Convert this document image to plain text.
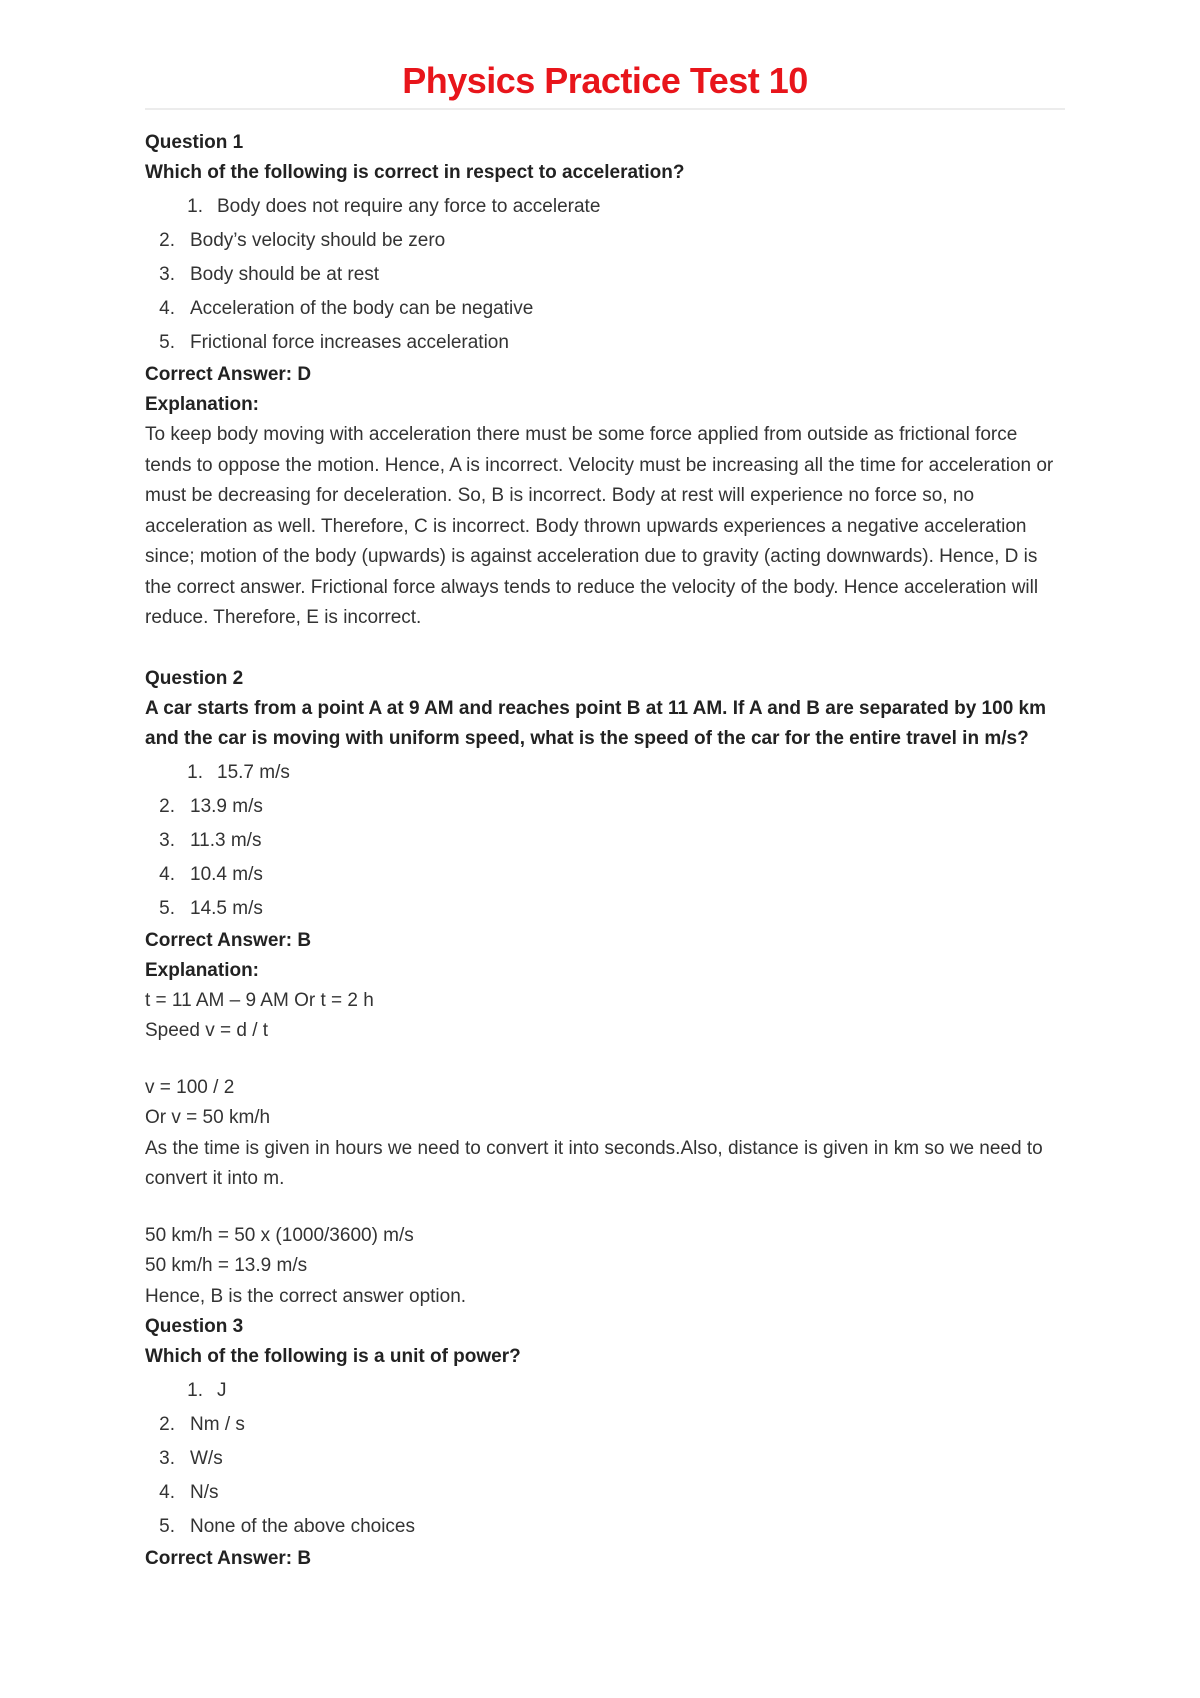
Physics Practice Test 10

Question 1

Which of the following is correct in respect to acceleration?

1. Body does not require any force to accelerate
2. Body’s velocity should be zero
3. Body should be at rest
4. Acceleration of the body can be negative
5. Frictional force increases acceleration

Correct Answer: D

Explanation:

To keep body moving with acceleration there must be some force applied from outside as frictional force tends to oppose the motion. Hence, A is incorrect. Velocity must be increasing all the time for acceleration or must be decreasing for deceleration. So, B is incorrect. Body at rest will experience no force so, no acceleration as well. Therefore, C is incorrect. Body thrown upwards experiences a negative acceleration since; motion of the body (upwards) is against acceleration due to gravity (acting downwards). Hence, D is the correct answer. Frictional force always tends to reduce the velocity of the body. Hence acceleration will reduce. Therefore, E is incorrect.

Question 2

A car starts from a point A at 9 AM and reaches point B at 11 AM. If A and B are separated by 100 km and the car is moving with uniform speed, what is the speed of the car for the entire travel in m/s?

1. 15.7 m/s
2. 13.9 m/s
3. 11.3 m/s
4. 10.4 m/s
5. 14.5 m/s

Correct Answer: B

Explanation:

t = 11 AM – 9 AM Or t = 2 h

Speed v = d / t

v = 100 / 2

Or v = 50 km/h

As the time is given in hours we need to convert it into seconds.Also, distance is given in km so we need to convert it into m.

50 km/h = 50 x (1000/3600) m/s

50 km/h = 13.9 m/s

Hence, B is the correct answer option.

Question 3

Which of the following is a unit of power?

1. J
2. Nm / s
3. W/s
4. N/s
5. None of the above choices

Correct Answer: B
